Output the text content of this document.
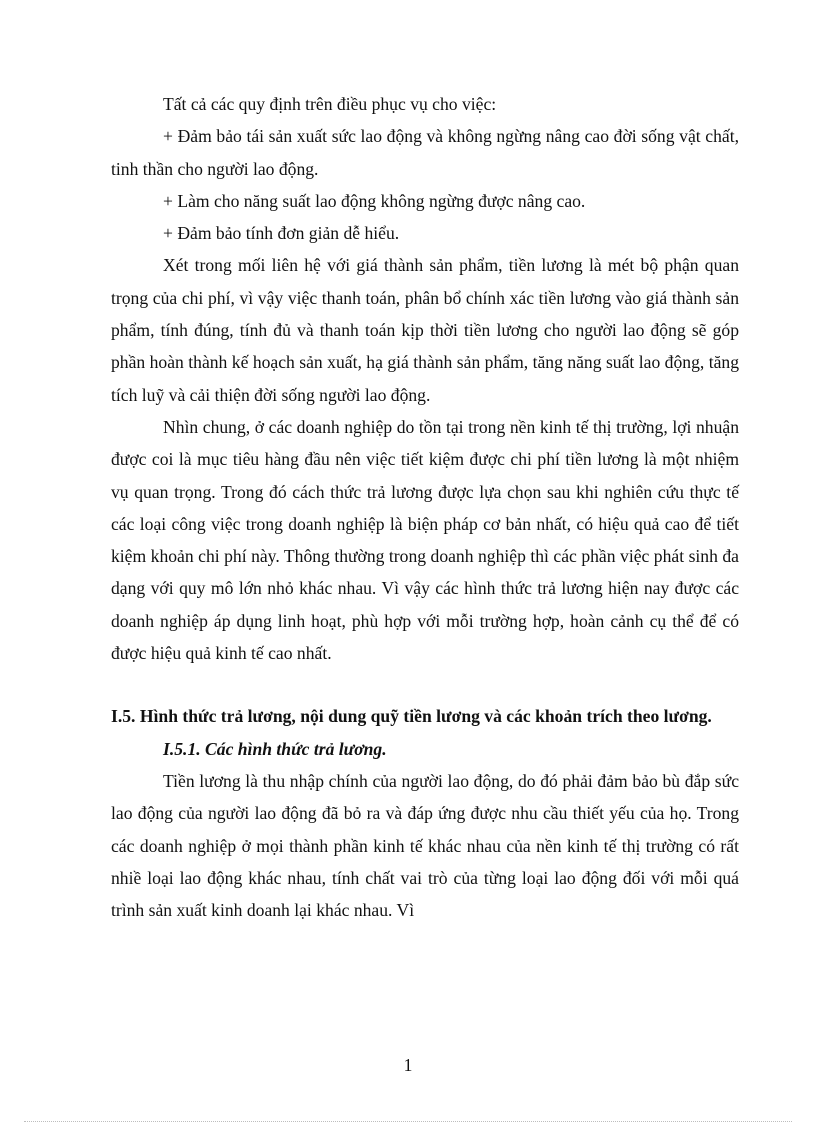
Tất cả các quy định trên điều phục vụ cho việc:

+ Đảm bảo tái sản xuất sức lao động và không ngừng nâng cao đời sống vật chất, tinh thần cho người lao động.

+ Làm cho năng suất lao động không ngừng được nâng cao.

+ Đảm bảo tính đơn giản dễ hiểu.

Xét trong mối liên hệ với giá thành sản phẩm, tiền lương là mét bộ phận quan trọng của chi phí, vì vậy việc thanh toán, phân bổ chính xác tiền lương vào giá thành sản phẩm, tính đúng, tính đủ và thanh toán kịp thời tiền lương cho người lao động sẽ góp phần hoàn thành kế hoạch sản xuất, hạ giá thành sản phẩm, tăng năng suất lao động, tăng tích luỹ và cải thiện đời sống người lao động.

Nhìn chung, ở các doanh nghiệp do tồn tại trong nền kinh tế thị trường, lợi nhuận được coi là mục tiêu hàng đầu nên việc tiết kiệm được chi phí tiền lương là một nhiệm vụ quan trọng. Trong đó cách thức trả lương được lựa chọn sau khi nghiên cứu thực tế các loại công việc trong doanh nghiệp là biện pháp cơ bản nhất, có hiệu quả cao để tiết kiệm khoản chi phí này. Thông thường trong doanh nghiệp thì các phần việc phát sinh đa dạng với quy mô lớn nhỏ khác nhau. Vì vậy các hình thức trả lương hiện nay được các doanh nghiệp áp dụng linh hoạt, phù hợp với mỗi trường hợp, hoàn cảnh cụ thể để có được hiệu quả kinh tế cao nhất.

I.5. Hình thức trả lương, nội dung quỹ tiền lương và các khoản trích theo lương.

I.5.1. Các hình thức trả lương.

Tiền lương là thu nhập chính của người lao động, do đó phải đảm bảo bù đắp sức lao động của người lao động đã bỏ ra và đáp ứng được nhu cầu thiết yếu của họ. Trong các doanh nghiệp ở mọi thành phần kinh tế khác nhau của nền kinh tế thị trường có rất nhiề loại lao động khác nhau, tính chất vai trò của từng loại lao động đối với mỗi quá trình sản xuất kinh doanh lại khác nhau. Vì

1
